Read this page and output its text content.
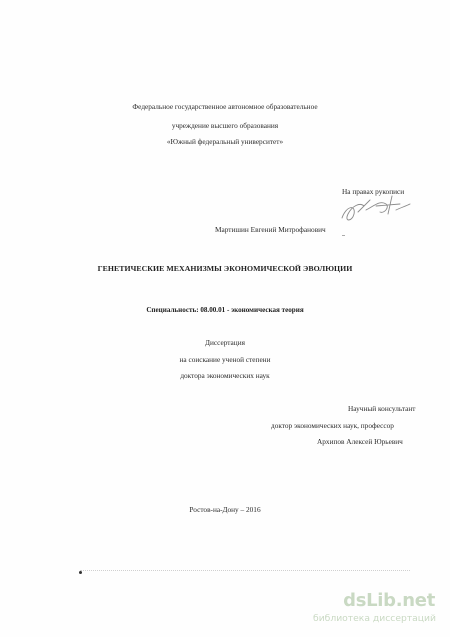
Федеральное государственное автономное образовательное
учреждение высшего образования
«Южный федеральный университет»
На правах рукописи
Мартишин Евгений Митрофанович
ГЕНЕТИЧЕСКИЕ МЕХАНИЗМЫ ЭКОНОМИЧЕСКОЙ ЭВОЛЮЦИИ
Специальность: 08.00.01 - экономическая теория
Диссертация
на соискание ученой степени
доктора экономических наук
Научный консультант
доктор экономических наук, профессор
Архипов Алексей Юрьевич
Ростов-на-Дону ‒ 2016
dsLib.net
библиотека диссертаций
